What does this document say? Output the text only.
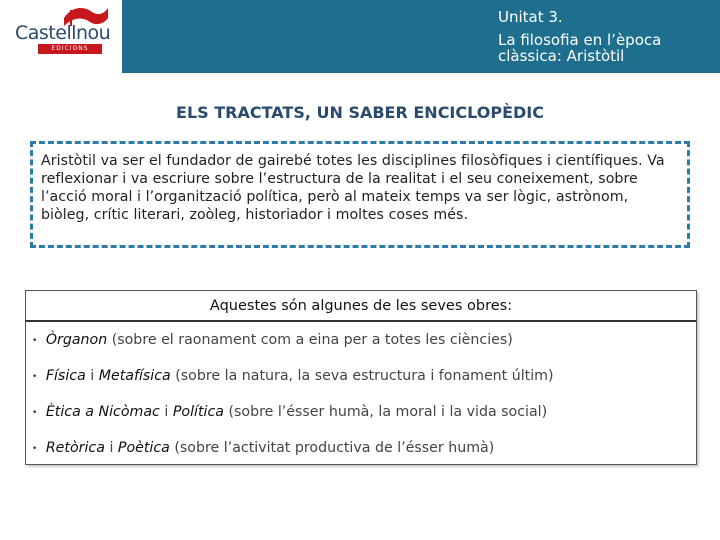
Castellnou
EDICIONS
Unitat 3.
La filosofia en l’època clàssica: Aristòtil
ELS TRACTATS, UN SABER ENCICLOPÈDIC

Aristòtil va ser el fundador de gairebé totes les disciplines filosòfiques i científiques. Va reflexionar i va escriure sobre l’estructura de la realitat i el seu coneixement, sobre l’acció moral i l’organització política, però al mateix temps va ser lògic, astrònom, biòleg, crític literari, zoòleg, historiador i moltes coses més.

Aquestes són algunes de les seves obres:
• Òrganon (sobre el raonament com a eina per a totes les ciències)
• Física i Metafísica (sobre la natura, la seva estructura i fonament últim)
• Ètica a Nicòmac i Política (sobre l’ésser humà, la moral i la vida social)
• Retòrica i Poètica (sobre l’activitat productiva de l’ésser humà)
